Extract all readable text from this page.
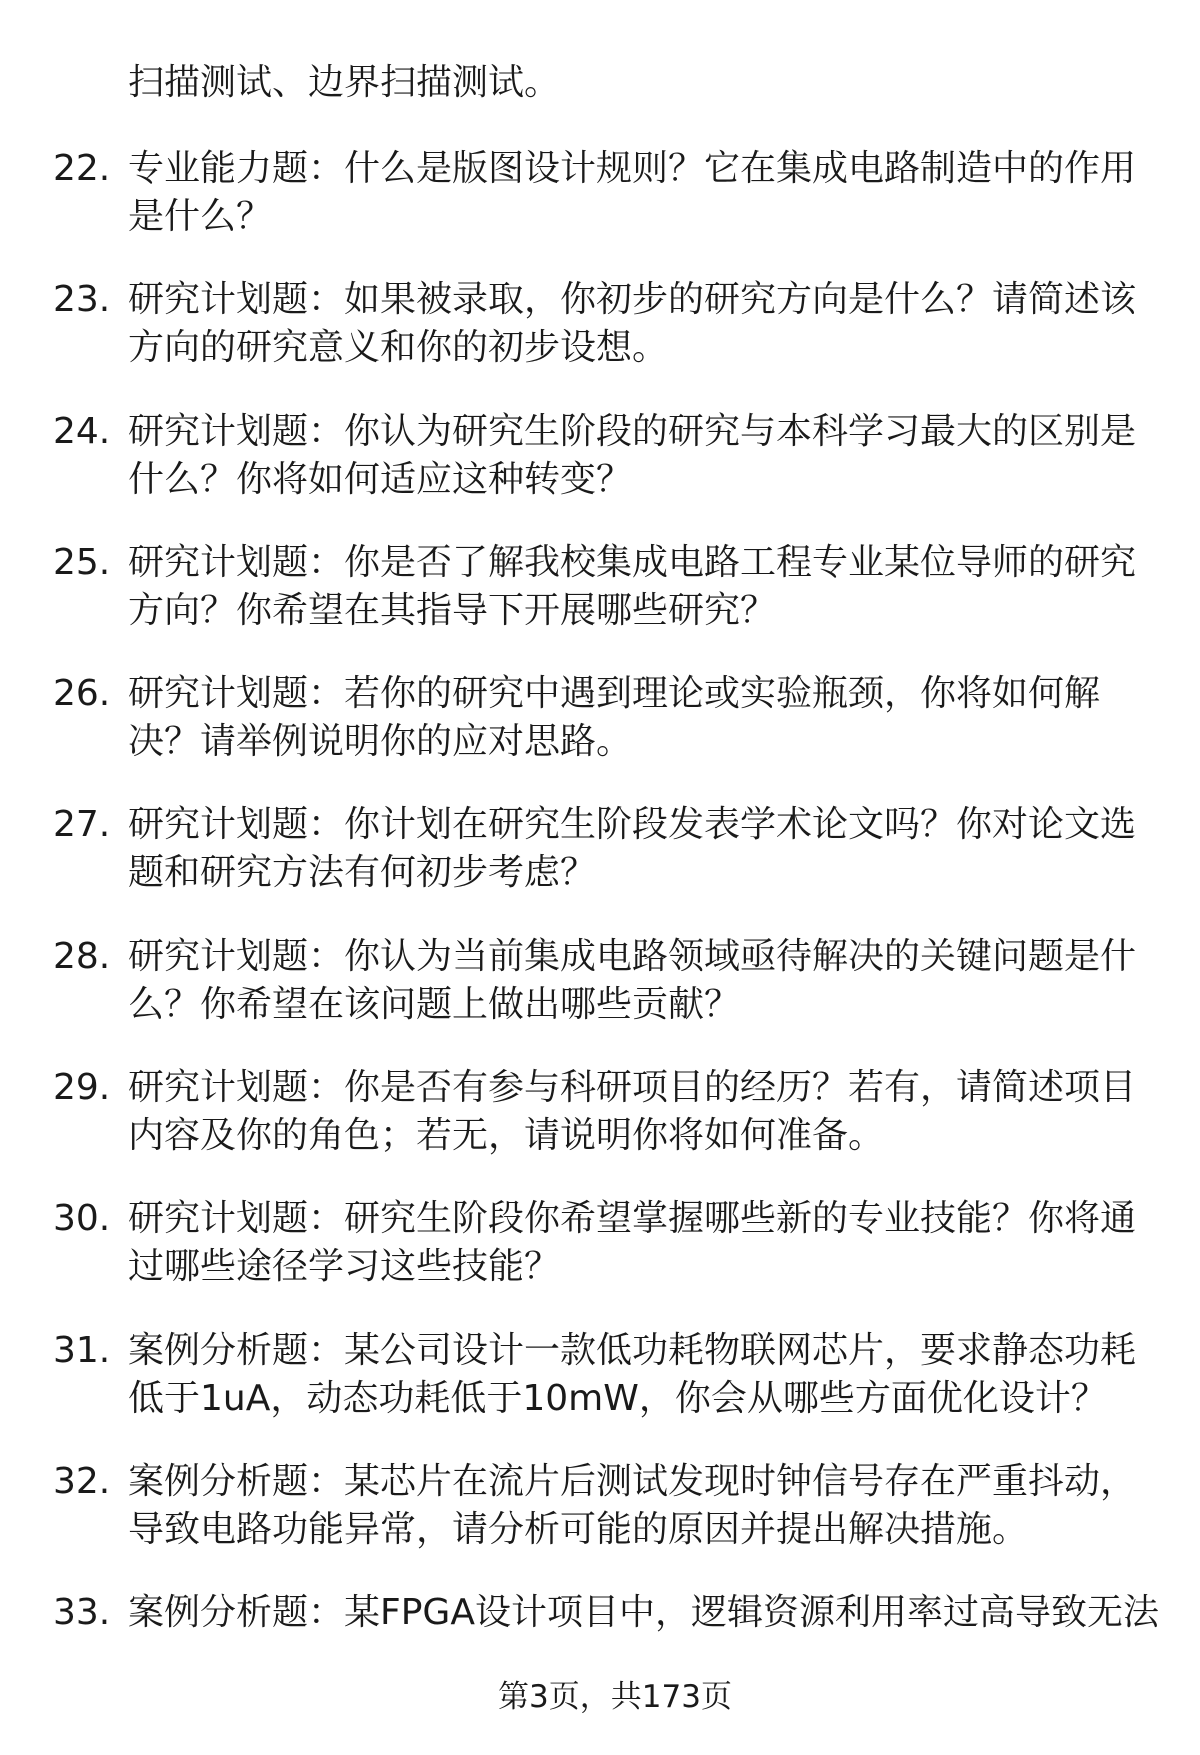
扫描测试、边界扫描测试。
22. 专业能力题：什么是版图设计规则？它在集成电路制造中的作用
是什么？
23. 研究计划题：如果被录取，你初步的研究方向是什么？请简述该
方向的研究意义和你的初步设想。
24. 研究计划题：你认为研究生阶段的研究与本科学习最大的区别是
什么？你将如何适应这种转变？
25. 研究计划题：你是否了解我校集成电路工程专业某位导师的研究
方向？你希望在其指导下开展哪些研究？
26. 研究计划题：若你的研究中遇到理论或实验瓶颈，你将如何解
决？请举例说明你的应对思路。
27. 研究计划题：你计划在研究生阶段发表学术论文吗？你对论文选
题和研究方法有何初步考虑？
28. 研究计划题：你认为当前集成电路领域亟待解决的关键问题是什
么？你希望在该问题上做出哪些贡献？
29. 研究计划题：你是否有参与科研项目的经历？若有，请简述项目
内容及你的角色；若无，请说明你将如何准备。
30. 研究计划题：研究生阶段你希望掌握哪些新的专业技能？你将通
过哪些途径学习这些技能？
31. 案例分析题：某公司设计一款低功耗物联网芯片，要求静态功耗
低于1uA，动态功耗低于10mW，你会从哪些方面优化设计？
32. 案例分析题：某芯片在流片后测试发现时钟信号存在严重抖动，
导致电路功能异常，请分析可能的原因并提出解决措施。
33. 案例分析题：某FPGA设计项目中，逻辑资源利用率过高导致无法
第3页，共173页
